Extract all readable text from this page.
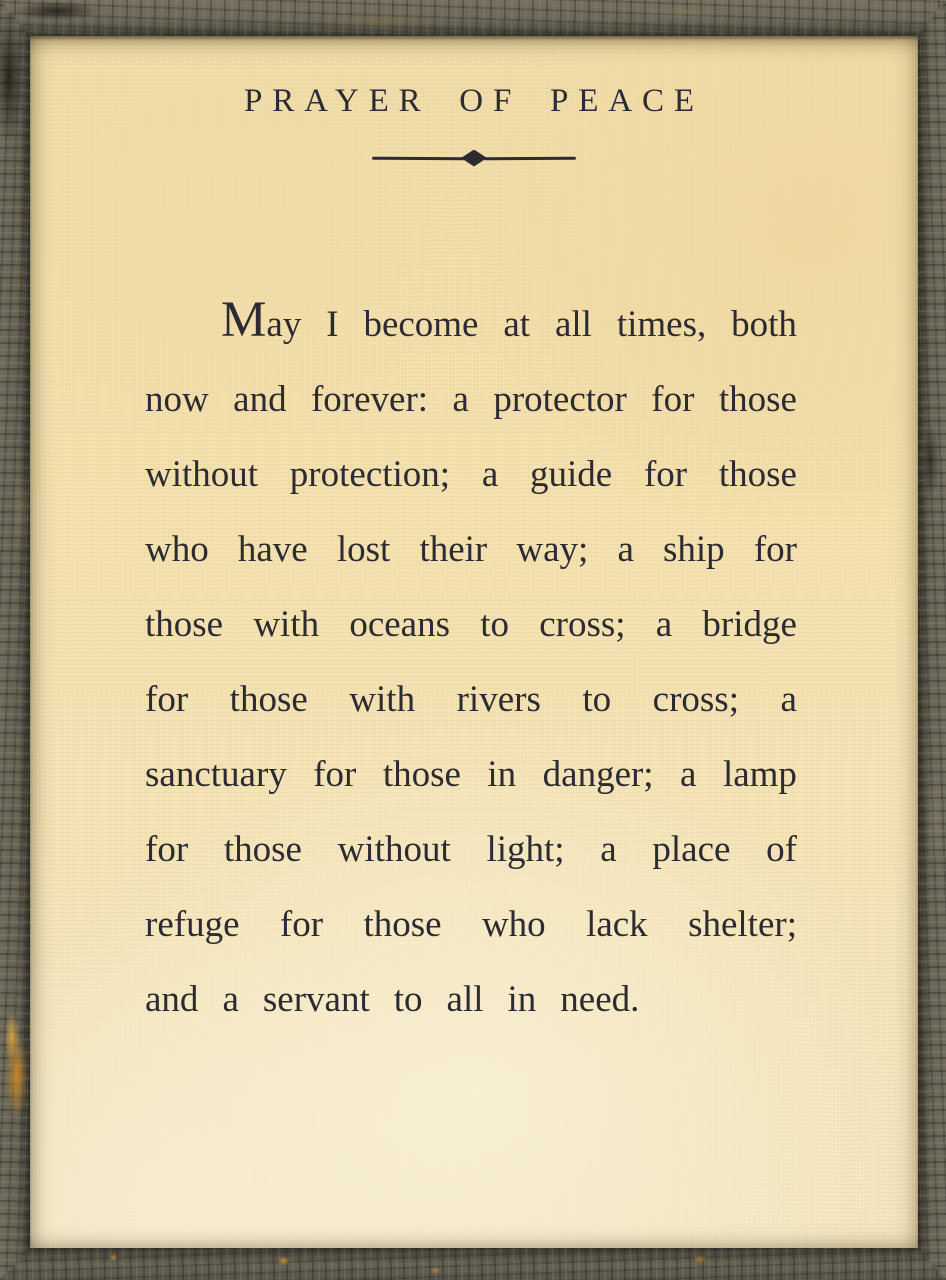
PRAYER OF PEACE
May I become at all times, both
now and forever: a protector for those
without protection; a guide for those
who have lost their way; a ship for
those with oceans to cross; a bridge
for those with rivers to cross; a
sanctuary for those in danger; a lamp
for those without light; a place of
refuge for those who lack shelter;
and a servant to all in need.
